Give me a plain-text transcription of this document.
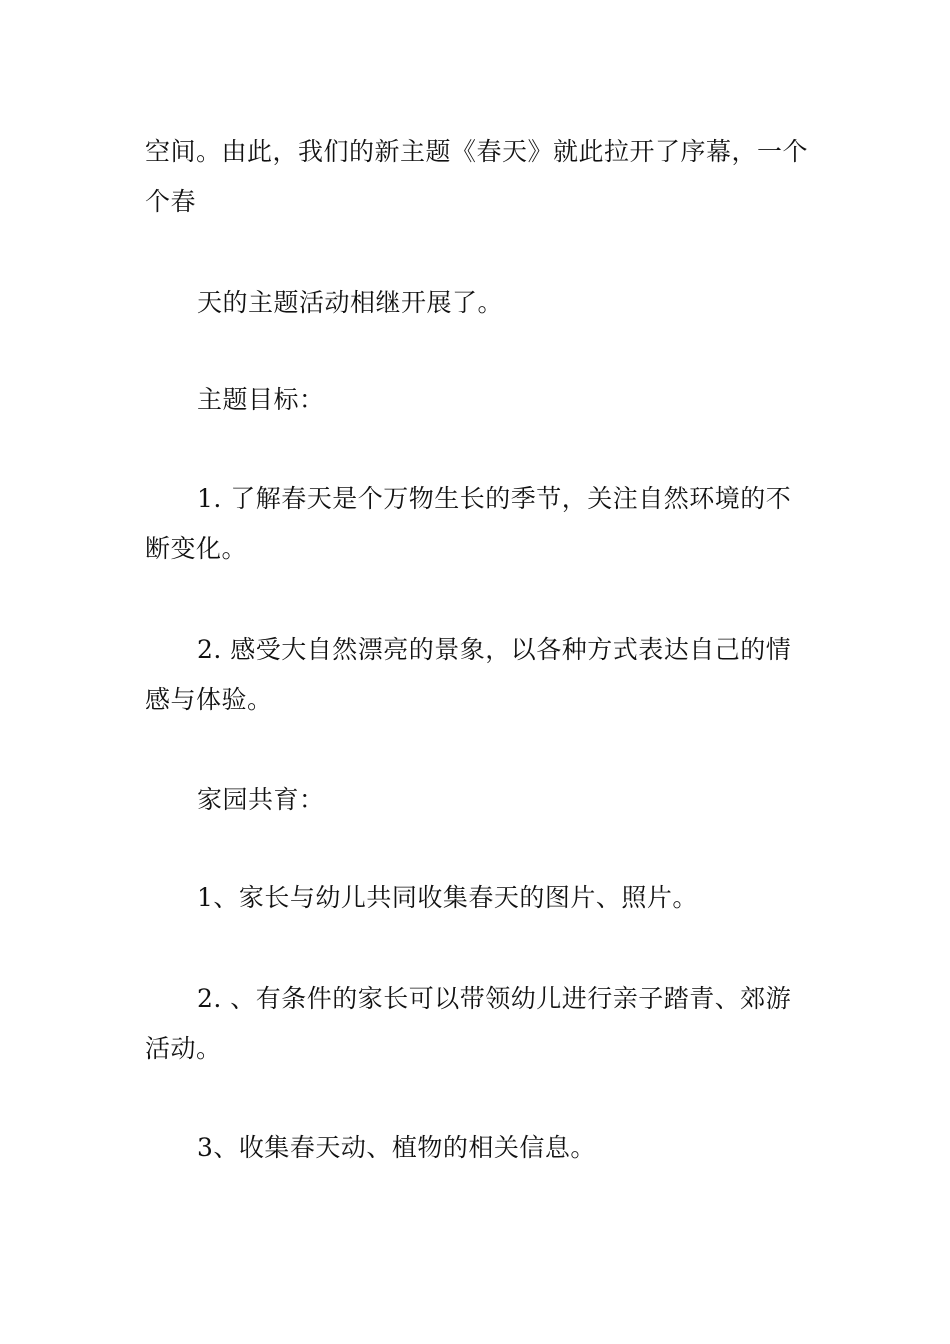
空间。由此，我们的新主题《春天》就此拉开了序幕，一个个春

天的主题活动相继开展了。

主题目标：

1. 了解春天是个万物生长的季节，关注自然环境的不断变化。

2. 感受大自然漂亮的景象，以各种方式表达自己的情感与体验。

家园共育：

1、家长与幼儿共同收集春天的图片、照片。

2. 、有条件的家长可以带领幼儿进行亲子踏青、郊游活动。

3、收集春天动、植物的相关信息。
